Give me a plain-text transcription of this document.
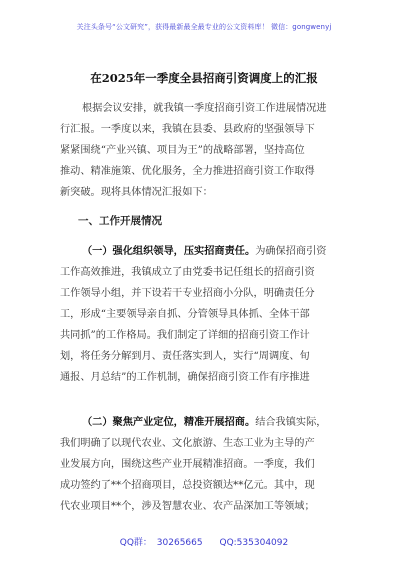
关注头条号“公文研究”，获得最新最全最专业的公文资料库！ 微信：gongwenyj
在2025年一季度全县招商引资调度上的汇报
根据会议安排，就我镇一季度招商引资工作进展情况进
行汇报。一季度以来，我镇在县委、县政府的坚强领导下
紧紧围绕“产业兴镇、项目为王”的战略部署，坚持高位
推动、精准施策、优化服务，全力推进招商引资工作取得
新突破。现将具体情况汇报如下：
一、工作开展情况
（一）强化组织领导，压实招商责任。为确保招商引资
工作高效推进，我镇成立了由党委书记任组长的招商引资
工作领导小组，并下设若干专业招商小分队，明确责任分
工，形成“主要领导亲自抓、分管领导具体抓、全体干部
共同抓”的工作格局。我们制定了详细的招商引资工作计
划，将任务分解到月、责任落实到人，实行“周调度、旬
通报、月总结”的工作机制，确保招商引资工作有序推进
（二）聚焦产业定位，精准开展招商。结合我镇实际，
我们明确了以现代农业、文化旅游、生态工业为主导的产
业发展方向，围绕这些产业开展精准招商。一季度，我们
成功签约了**个招商项目，总投资额达**亿元。其中，现
代农业项目**个，涉及智慧农业、农产品深加工等领域；
QQ群： 30265665 QQ:535304092
